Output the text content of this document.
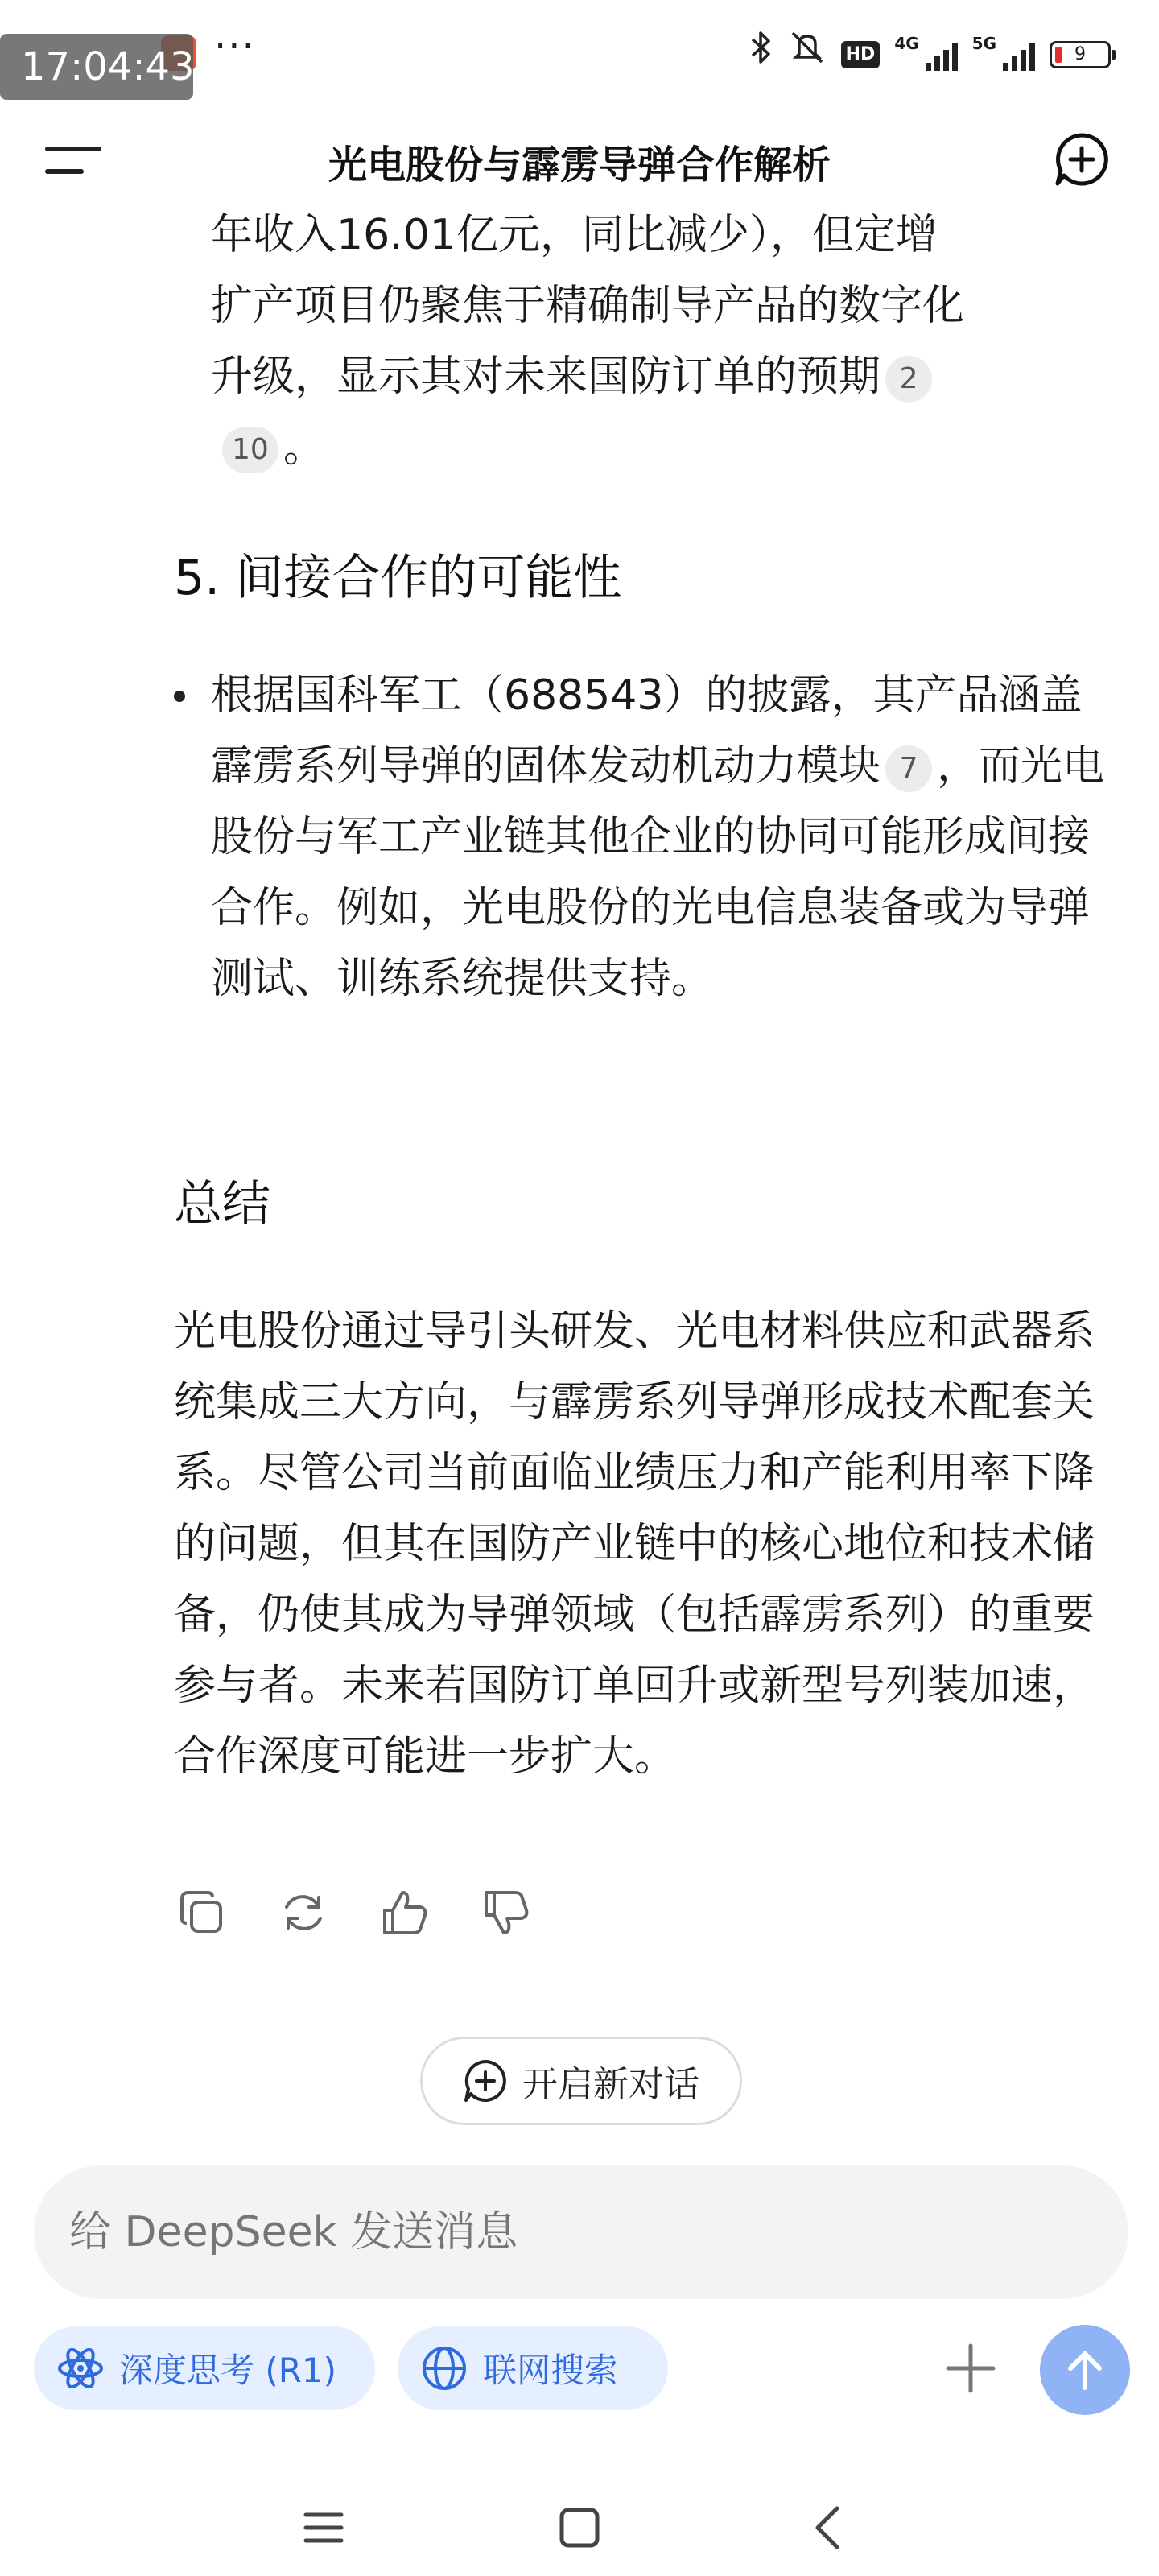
17:04:43 ···	HD
4G	5G
9
光电股份与霹雳导弹合作解析
年收入16.01亿元，同比减少），但定增
扩产项目仍聚焦于精确制导产品的数字化
升级，显示其对未来国防订单的预期 2
10 。
5. 间接合作的可能性
根据国科军工（688543）的披露，其产品涵盖霹雳系列导弹的固体发动机动力模块 7 ，而光电股份与军工产业链其他企业的协同可能形成间接合作。例如，光电股份的光电信息装备或为导弹测试、训练系统提供支持。
总结
光电股份通过导引头研发、光电材料供应和武器系统集成三大方向，与霹雳系列导弹形成技术配套关系。尽管公司当前面临业绩压力和产能利用率下降的问题，但其在国防产业链中的核心地位和技术储备，仍使其成为导弹领域（包括霹雳系列）的重要参与者。未来若国防订单回升或新型号列装加速，合作深度可能进一步扩大。
开启新对话
给 DeepSeek 发送消息
深度思考 (R1)	联网搜索
